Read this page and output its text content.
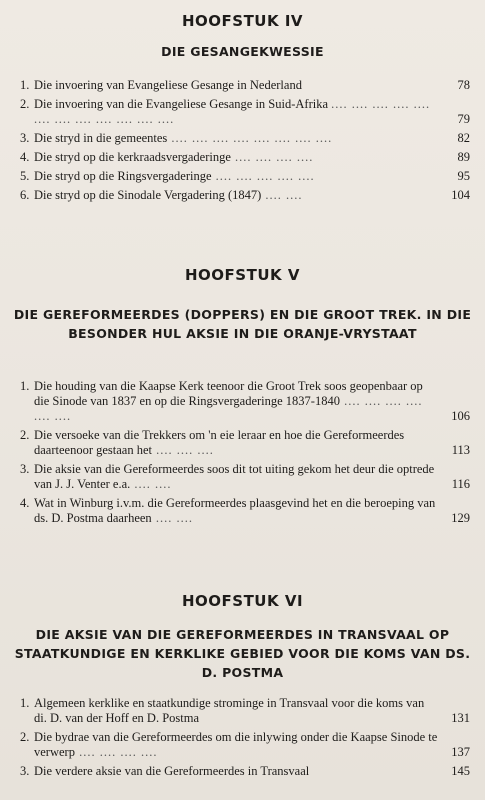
HOOFSTUK IV
DIE GESANGEKWESSIE
1. Die invoering van Evangeliese Gesange in Nederland	78
2. Die invoering van die Evangeliese Gesange in Suid-Afrika .... .... .... .... .... .... .... .... .... .... .... ....	79
3. Die stryd in die gemeentes .... .... .... .... .... .... .... ....	82
4. Die stryd op die kerkraadsvergaderinge .... .... .... ....	89
5. Die stryd op die Ringsvergaderinge .... .... .... .... ....	95
6. Die stryd op die Sinodale Vergadering (1847) .... ....	104
HOOFSTUK V
DIE GEREFORMEERDES (DOPPERS) EN DIE GROOT TREK. IN DIE BESONDER HUL AKSIE IN DIE ORANJE-VRYSTAAT
1. Die houding van die Kaapse Kerk teenoor die Groot Trek soos geopenbaar op die Sinode van 1837 en op die Ringsvergaderinge 1837-1840 .... .... .... .... .... ....	106
2. Die versoeke van die Trekkers om 'n eie leraar en hoe die Gereformeerdes daarteenoor gestaan het .... .... ....	113
3. Die aksie van die Gereformeerdes soos dit tot uiting gekom het deur die optrede van J. J. Venter e.a. .... ....	116
4. Wat in Winburg i.v.m. die Gereformeerdes plaasgevind het en die beroeping van ds. D. Postma daarheen .... ....	129
HOOFSTUK VI
DIE AKSIE VAN DIE GEREFORMEERDES IN TRANSVAAL OP STAATKUNDIGE EN KERKLIKE GEBIED VOOR DIE KOMS VAN DS. D. POSTMA
1. Algemeen kerklike en staatkundige strominge in Transvaal voor die koms van di. D. van der Hoff en D. Postma	131
2. Die bydrae van die Gereformeerdes om die inlywing onder die Kaapse Sinode te verwerp .... .... .... ....	137
3. Die verdere aksie van die Gereformeerdes in Transvaal	145
